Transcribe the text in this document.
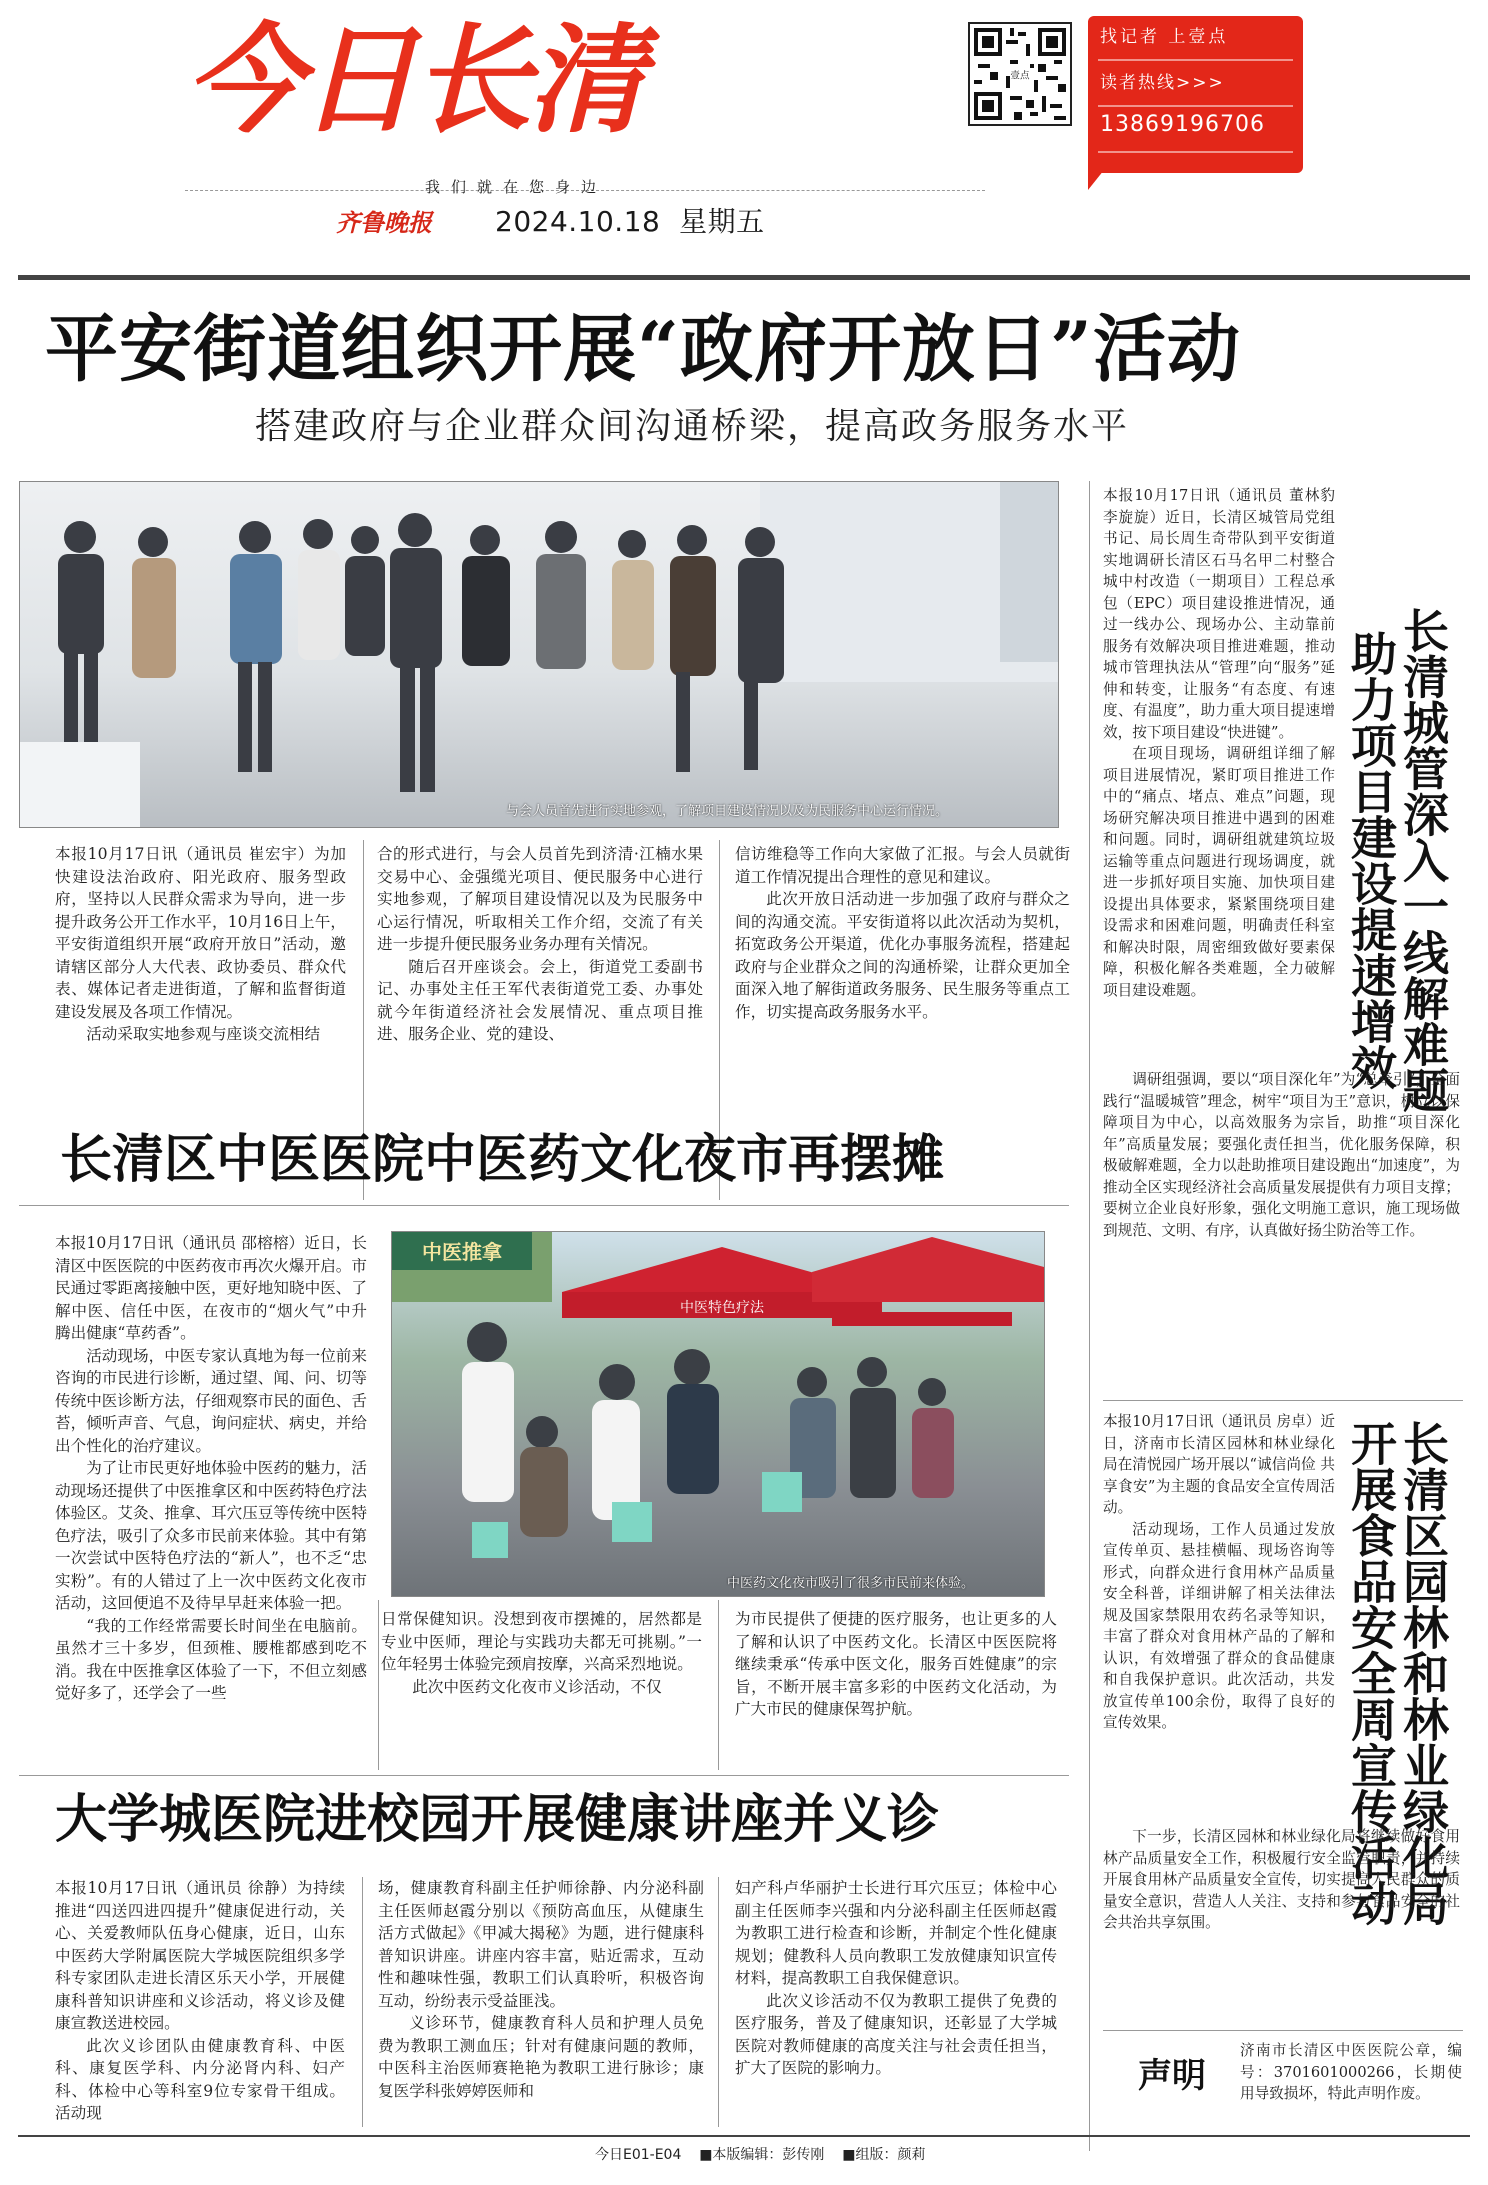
今日长清
我们就在您身边
齐鲁晚报 2024.10.18 星期五
壹点
找记者 上壹点
读者热线>>>
13869196706
平安街道组织开展“政府开放日”活动
搭建政府与企业群众间沟通桥梁，提高政务服务水平
与会人员首先进行实地参观，了解项目建设情况以及为民服务中心运行情况。

本报10月17日讯（通讯员 崔宏宇）为加快建设法治政府、阳光政府、服务型政府，坚持以人民群众需求为导向，进一步提升政务公开工作水平，10月16日上午，平安街道组织开展“政府开放日”活动，邀请辖区部分人大代表、政协委员、群众代表、媒体记者走进街道，了解和监督街道建设发展及各项工作情况。

活动采取实地参观与座谈交流相结

合的形式进行，与会人员首先到济清·江楠水果交易中心、金强缆光项目、便民服务中心进行实地参观，了解项目建设情况以及为民服务中心运行情况，听取相关工作介绍，交流了有关进一步提升便民服务业务办理有关情况。

随后召开座谈会。会上，街道党工委副书记、办事处主任王军代表街道党工委、办事处就今年街道经济社会发展情况、重点项目推进、服务企业、党的建设、

信访维稳等工作向大家做了汇报。与会人员就街道工作情况提出合理性的意见和建议。

此次开放日活动进一步加强了政府与群众之间的沟通交流。平安街道将以此次活动为契机，拓宽政务公开渠道，优化办事服务流程，搭建起政府与企业群众之间的沟通桥梁，让群众更加全面深入地了解街道政务服务、民生服务等重点工作，切实提高政务服务水平。

本报10月17日讯（通讯员 董林豹 李旋旋）近日，长清区城管局党组书记、局长周生奇带队到平安街道实地调研长清区石马名甲二村整合城中村改造（一期项目）工程总承包（EPC）项目建设推进情况，通过一线办公、现场办公、主动靠前服务有效解决项目推进难题，推动城市管理执法从“管理”向“服务”延伸和转变，让服务“有态度、有速度、有温度”，助力重大项目提速增效，按下项目建设“快进键”。

在项目现场，调研组详细了解项目进展情况，紧盯项目推进工作中的“痛点、堵点、难点”问题，现场研究解决项目推进中遇到的困难和问题。同时，调研组就建筑垃圾运输等重点问题进行现场调度，就进一步抓好项目实施、加快项目建设提出具体要求，紧紧围绕项目建设需求和困难问题，明确责任科室和解决时限，周密细致做好要素保障，积极化解各类难题，全力破解项目建设难题。	长清城管深入一线解难题
助力项目建设提速增效

调研组强调，要以“项目深化年”为“总牵引”，全面践行“温暖城管”理念，树牢“项目为王”意识，树立以保障项目为中心，以高效服务为宗旨，助推“项目深化年”高质量发展；要强化责任担当，优化服务保障，积极破解难题，全力以赴助推项目建设跑出“加速度”，为推动全区实现经济社会高质量发展提供有力项目支撑；要树立企业良好形象，强化文明施工意识，施工现场做到规范、文明、有序，认真做好扬尘防治等工作。

本报10月17日讯（通讯员 房卓）近日，济南市长清区园林和林业绿化局在清悦园广场开展以“诚信尚俭 共享食安”为主题的食品安全宣传周活动。

活动现场，工作人员通过发放宣传单页、悬挂横幅、现场咨询等形式，向群众进行食用林产品质量安全科普，详细讲解了相关法律法规及国家禁限用农药名录等知识，丰富了群众对食用林产品的了解和认识，有效增强了群众的食品健康和自我保护意识。此次活动，共发放宣传单100余份，取得了良好的宣传效果。	长清区园林和林业绿化局
开展食品安全周宣传活动

下一步，长清区园林和林业绿化局将继续做好食用林产品质量安全工作，积极履行安全监管职责，并持续开展食用林产品质量安全宣传，切实提高人民群众的质量安全意识，营造人人关注、支持和参与食品安全的社会共治共享氛围。

声明

济南市长清区中医医院公章，编号：37016010002​66，长期使用导致损坏，特此声明作废。

长清区中医医院中医药文化夜市再摆摊
中医推拿
中医特色疗法
中医药文化夜市吸引了很多市民前来体验。

本报10月17日讯（通讯员 邵榕榕）近日，长清区中医医院的中医药夜市再次火爆开启。市民通过零距离接触中医，更好地知晓中医、了解中医、信任中医，在夜市的“烟火气”中升腾出健康“草药香”。

活动现场，中医专家认真地为每一位前来咨询的市民进行诊断，通过望、闻、问、切等传统中医诊断方法，仔细观察市民的面色、舌苔，倾听声音、气息，询问症状、病史，并给出个性化的治疗建议。

为了让市民更好地体验中医药的魅力，活动现场还提供了中医推拿区和中医药特色疗法体验区。艾灸、推拿、耳穴压豆等传统中医特色疗法，吸引了众多市民前来体验。其中有第一次尝试中医特色疗法的“新人”，也不乏“忠实粉”。有的人错过了上一次中医药文化夜市活动，这回便追不及待早早赶来体验一把。

“我的工作经常需要长时间坐在电脑前。虽然才三十多岁，但颈椎、腰椎都感到吃不消。我在中医推拿区体验了一下，不但立刻感觉好多了，还学会了一些

日常保健知识。没想到夜市摆摊的，居然都是专业中医师，理论与实践功夫都无可挑剔。”一位年轻男士体验完颈肩按摩，兴高采烈地说。

此次中医药文化夜市义诊活动，不仅

为市民提供了便捷的医疗服务，也让更多的人了解和认识了中医药文化。长清区中医医院将继续秉承“传承中医文化，服务百姓健康”的宗旨，不断开展丰富多彩的中医药文化活动，为广大市民的健康保驾护航。

大学城医院进校园开展健康讲座并义诊

本报10月17日讯（通讯员 徐静）为持续推进“四送四进四提升”健康促进行动，关心、关爱教师队伍身心健康，近日，山东中医药大学附属医院大学城医院组织多学科专家团队走进长清区乐天小学，开展健康科普知识讲座和义诊活动，将义诊及健康宣教送进校园。

此次义诊团队由健康教育科、中医科、康复医学科、内分泌肾内科、妇产科、体检中心等科室9位专家骨干组成。活动现

场，健康教育科副主任护师徐静、内分泌科副主任医师赵霞分别以《预防高血压，从健康生活方式做起》《甲减大揭秘》为题，进行健康科普知识讲座。讲座内容丰富，贴近需求，互动性和趣味性强，教职工们认真聆听，积极咨询互动，纷纷表示受益匪浅。

义诊环节，健康教育科人员和护理人员免费为教职工测血压；针对有健康问题的教师，中医科主治医师赛艳艳为教职工进行脉诊；康复医学科张婷婷医师和

妇产科卢华丽护士长进行耳穴压豆；体检中心副主任医师李兴强和内分泌科副主任医师赵霞为教职工进行检查和诊断，并制定个性化健康规划；健教科人员向教职工发放健康知识宣传材料，提高教职工自我保健意识。

此次义诊活动不仅为教职工提供了免费的医疗服务，普及了健康知识，还彰显了大学城医院对教师健康的高度关注与社会责任担当，扩大了医院的影响力。

今日E01-E04 ■本版编辑：彭传刚 ■组版：颜莉
